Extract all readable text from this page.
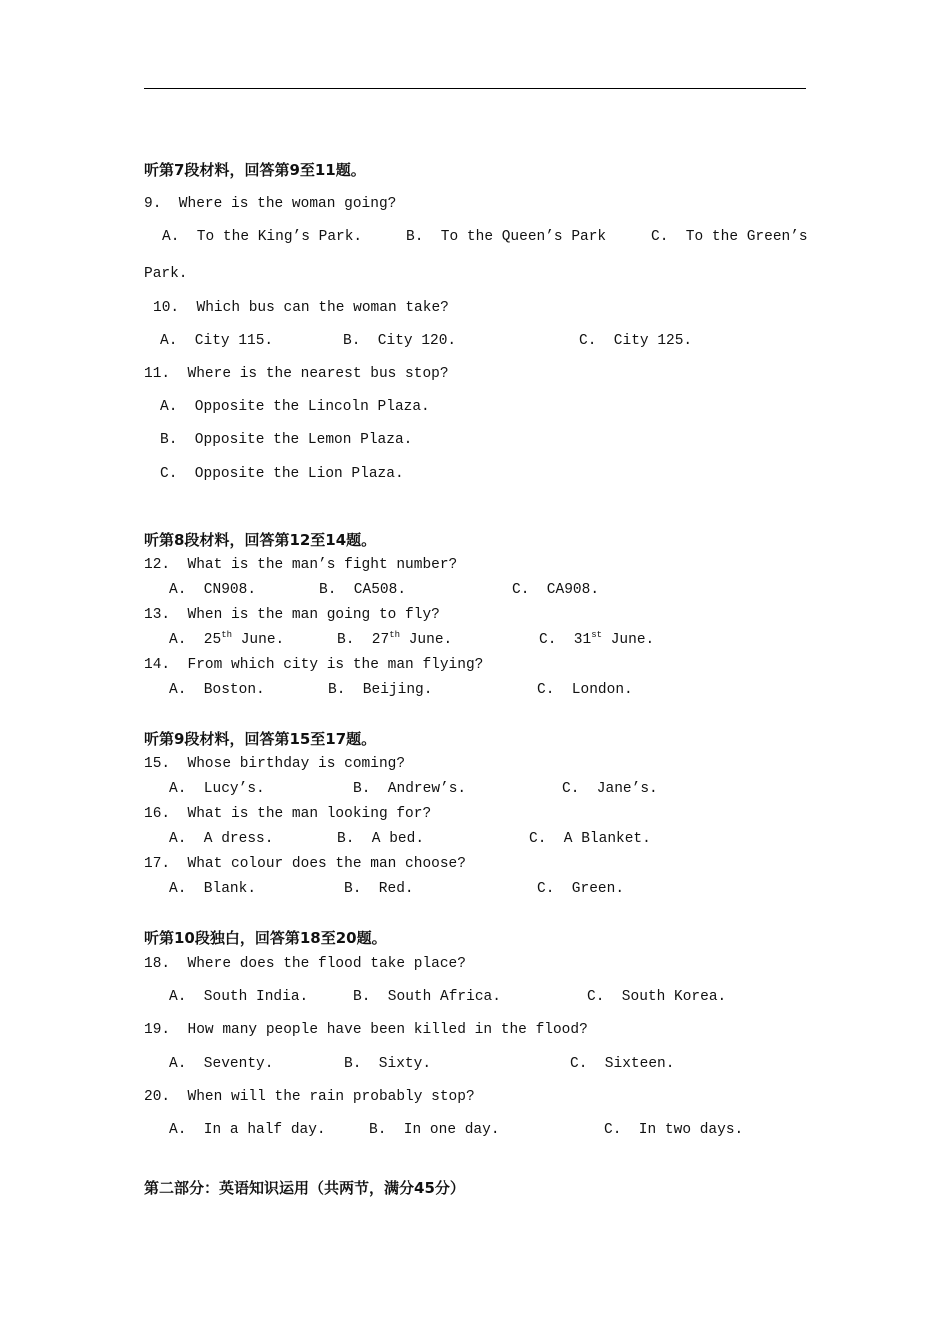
听第7段材料，回答第9至11题。
9.  Where is the woman going?
A.  To the King’s Park.	B.  To the Queen’s Park	C.  To the Green’s
Park.
10.  Which bus can the woman take?
A.  City 115.	B.  City 120.	C.  City 125.
11.  Where is the nearest bus stop?
A.  Opposite the Lincoln Plaza.
B.  Opposite the Lemon Plaza.
C.  Opposite the Lion Plaza.
听第8段材料，回答第12至14题。
12.  What is the man’s fight number?
A.  CN908.	B.  CA508.	C.  CA908.
13.  When is the man going to fly?
A.  25th June.	B.  27th June.	C.  31st June.
14.  From which city is the man flying?
A.  Boston.	B.  Beijing.	C.  London.
听第9段材料，回答第15至17题。
15.  Whose birthday is coming?
A.  Lucy’s.	B.  Andrew’s.	C.  Jane’s.
16.  What is the man looking for?
A.  A dress.	B.  A bed.	C.  A Blanket.
17.  What colour does the man choose?
A.  Blank.	B.  Red.	C.  Green.
听第10段独白，回答第18至20题。
18.  Where does the flood take place?
A.  South India.	B.  South Africa.	C.  South Korea.
19.  How many people have been killed in the flood?
A.  Seventy.	B.  Sixty.	C.  Sixteen.
20.  When will the rain probably stop?
A.  In a half day.	B.  In one day.	C.  In two days.
第二部分：英语知识运用（共两节，满分45分）
